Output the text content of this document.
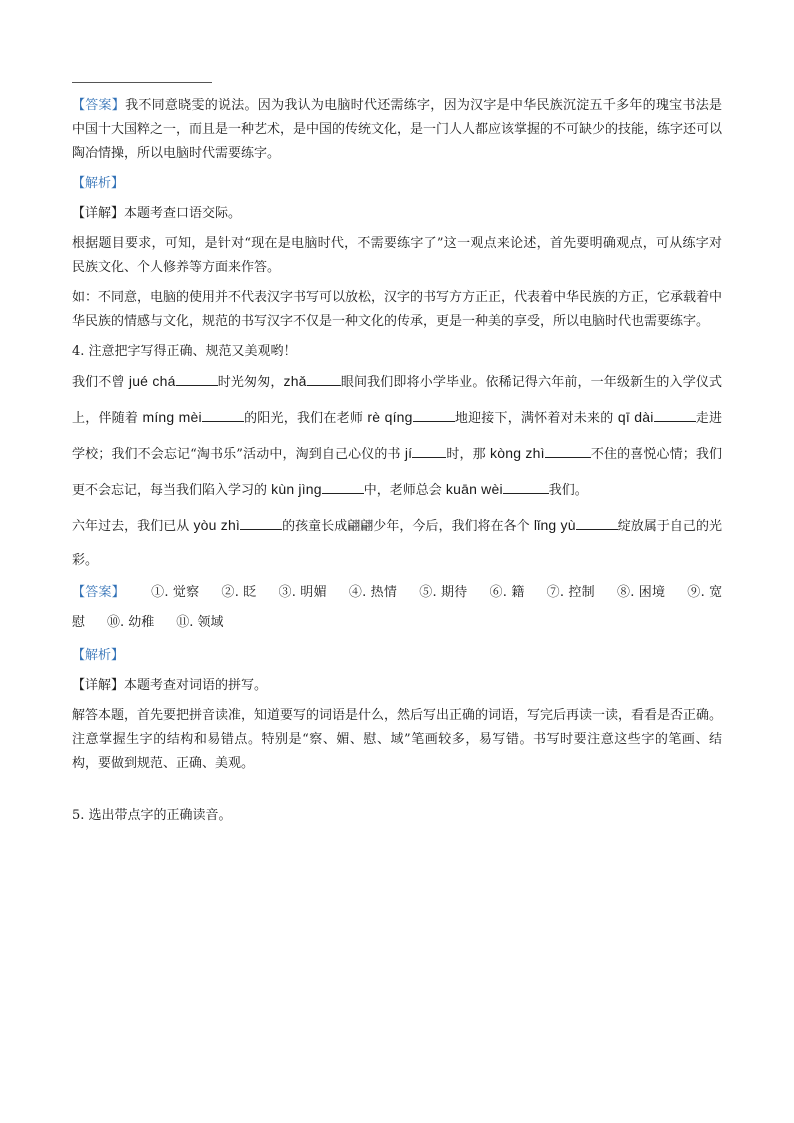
【答案】我不同意晓雯的说法。因为我认为电脑时代还需练字，因为汉字是中华民族沉淀五千多年的瑰宝书法是中国十大国粹之一，而且是一种艺术，是中国的传统文化，是一门人人都应该掌握的不可缺少的技能，练字还可以陶冶情操，所以电脑时代需要练字。

【解析】

【详解】本题考查口语交际。

根据题目要求，可知，是针对“现在是电脑时代，不需要练字了”这一观点来论述，首先要明确观点，可从练字对民族文化、个人修养等方面来作答。

如：不同意，电脑的使用并不代表汉字书写可以放松，汉字的书写方方正正，代表着中华民族的方正，它承载着中华民族的情感与文化，规范的书写汉字不仅是一种文化的传承，更是一种美的享受，所以电脑时代也需要练字。

4. 注意把字写得正确、规范又美观哟！

我们不曾 jué chá	时光匆匆，zhǎ	眼间我们即将小学毕业。依稀记得六年前，一年级新生的入学仪式上，伴随着 míng mèi	的阳光，我们在老师 rè qíng	地迎接下，满怀着对未来的 qī dài	走进学校；我们不会忘记“淘书乐”活动中，淘到自己心仪的书 jí	时，那 kòng zhì	不住的喜悦心情；我们更不会忘记，每当我们陷入学习的 kùn jìng	中，老师总会 kuān wèi	我们。

六年过去，我们已从 yòu zhì	的孩童长成翩翩少年，今后，我们将在各个 lǐng yù	绽放属于自己的光彩。

【答案】 ①. 觉察 ②. 眨 ③. 明媚 ④. 热情 ⑤. 期待 ⑥. 籍 ⑦. 控制 ⑧. 困境 ⑨. 宽慰 ⑩. 幼稚 ⑪. 领域

【解析】

【详解】本题考查对词语的拼写。

解答本题，首先要把拼音读准，知道要写的词语是什么，然后写出正确的词语，写完后再读一读，看看是否正确。注意掌握生字的结构和易错点。特别是“察、媚、慰、域”笔画较多，易写错。书写时要注意这些字的笔画、结构，要做到规范、正确、美观。

5. 选出带点字的正确读音。
